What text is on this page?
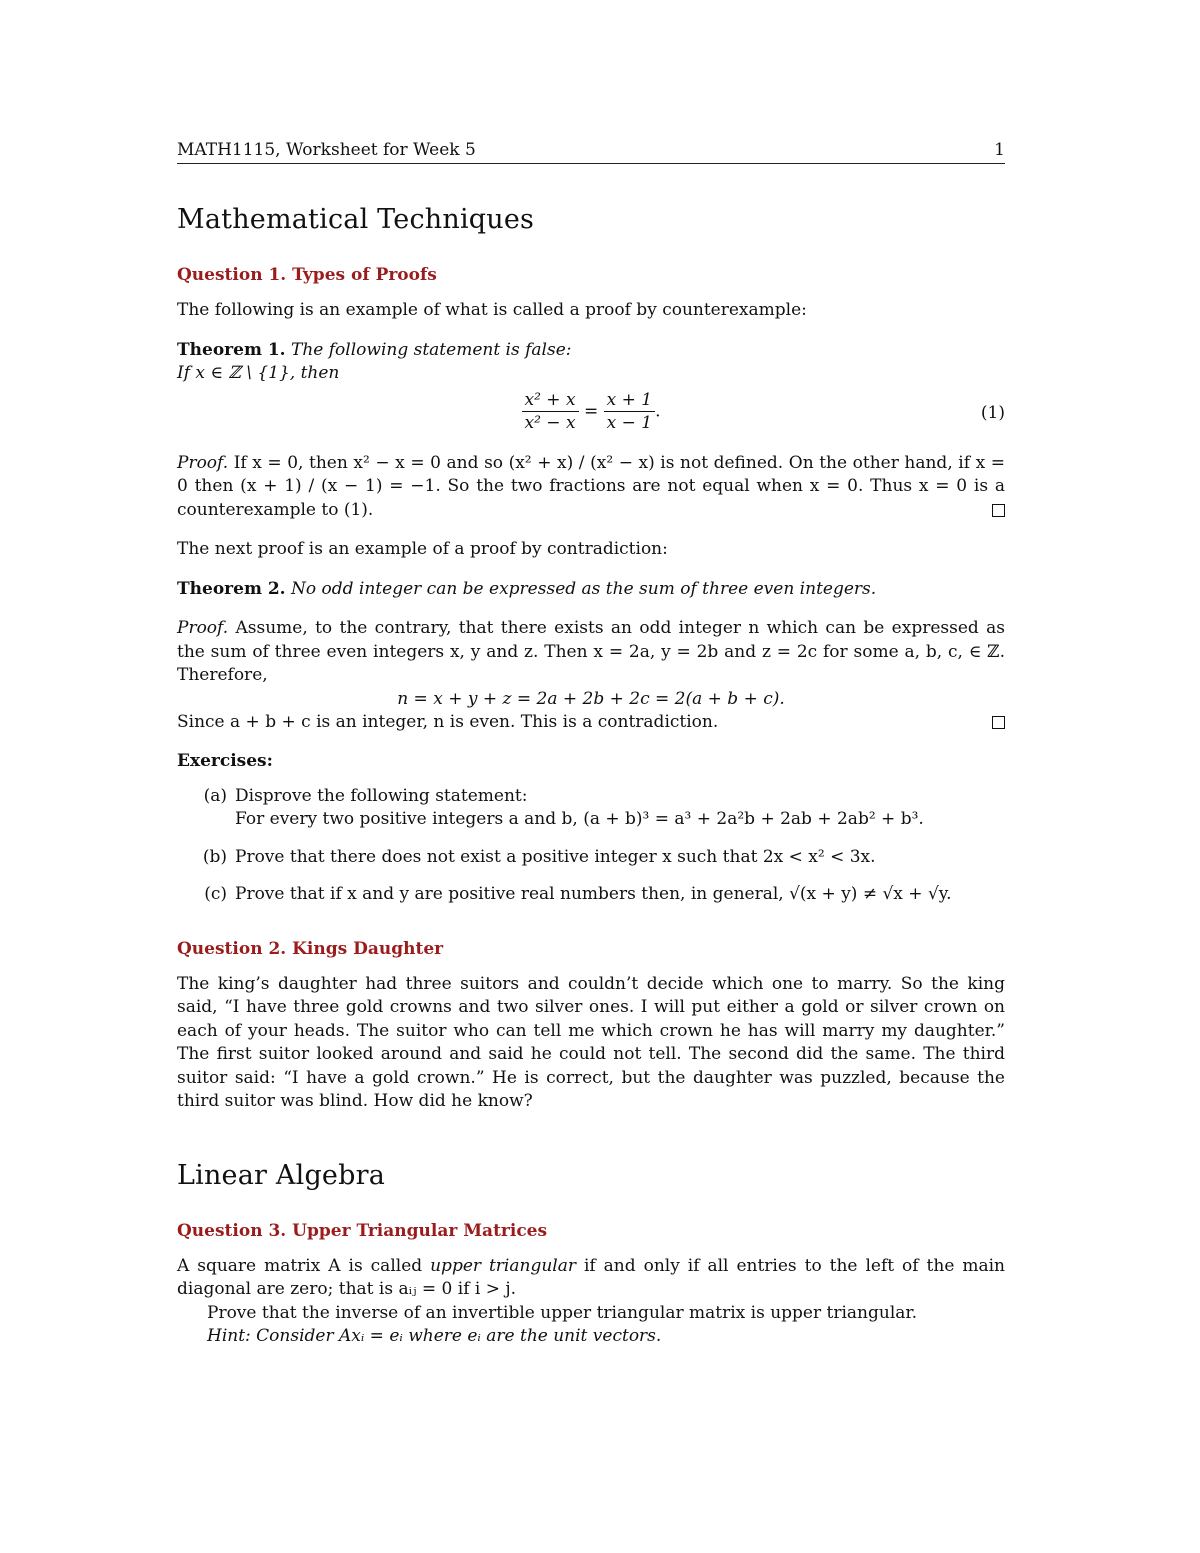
MATH1115, Worksheet for Week 5	1
Mathematical Techniques
Question 1. Types of Proofs

The following is an example of what is called a proof by counterexample:

Theorem 1. The following statement is false:
If x ∈ ℤ \ {1}, then
$\frac{\text{x² + x}}{\text{x² − x}} = \frac{x + 1}{x - 1}$ .	(1)

Proof. If x = 0, then x² − x = 0 and so (x² + x) / (x² − x) is not defined. On the other hand, if x = 0 then (x + 1) / (x − 1) = −1. So the two fractions are not equal when x = 0. Thus x = 0 is a counterexample to (1).

The next proof is an example of a proof by contradiction:

Theorem 2. No odd integer can be expressed as the sum of three even integers.

Proof. Assume, to the contrary, that there exists an odd integer n which can be expressed as the sum of three even integers x, y and z. Then x = 2a, y = 2b and z = 2c for some a, b, c, ∈ ℤ. Therefore,

n = x + y + z = 2a + 2b + 2c = 2(a + b + c).

Since a + b + c is an integer, n is even. This is a contradiction.

Exercises:
(a) Disprove the following statement:
For every two positive integers a and b, (a + b)³ = a³ + 2a²b + 2ab + 2ab² + b³.
(b) Prove that there does not exist a positive integer x such that 2x < x² < 3x.
(c) Prove that if x and y are positive real numbers then, in general, √(x + y) ≠ √x + √y.
Question 2. Kings Daughter

The king’s daughter had three suitors and couldn’t decide which one to marry. So the king said, “I have three gold crowns and two silver ones. I will put either a gold or silver crown on each of your heads. The suitor who can tell me which crown he has will marry my daughter.” The first suitor looked around and said he could not tell. The second did the same. The third suitor said: “I have a gold crown.” He is correct, but the daughter was puzzled, because the third suitor was blind. How did he know?

Linear Algebra
Question 3. Upper Triangular Matrices

A square matrix A is called upper triangular if and only if all entries to the left of the main diagonal are zero; that is aᵢⱼ = 0 if i > j.

Prove that the inverse of an invertible upper triangular matrix is upper triangular.

Hint: Consider Axᵢ = eᵢ where eᵢ are the unit vectors.
